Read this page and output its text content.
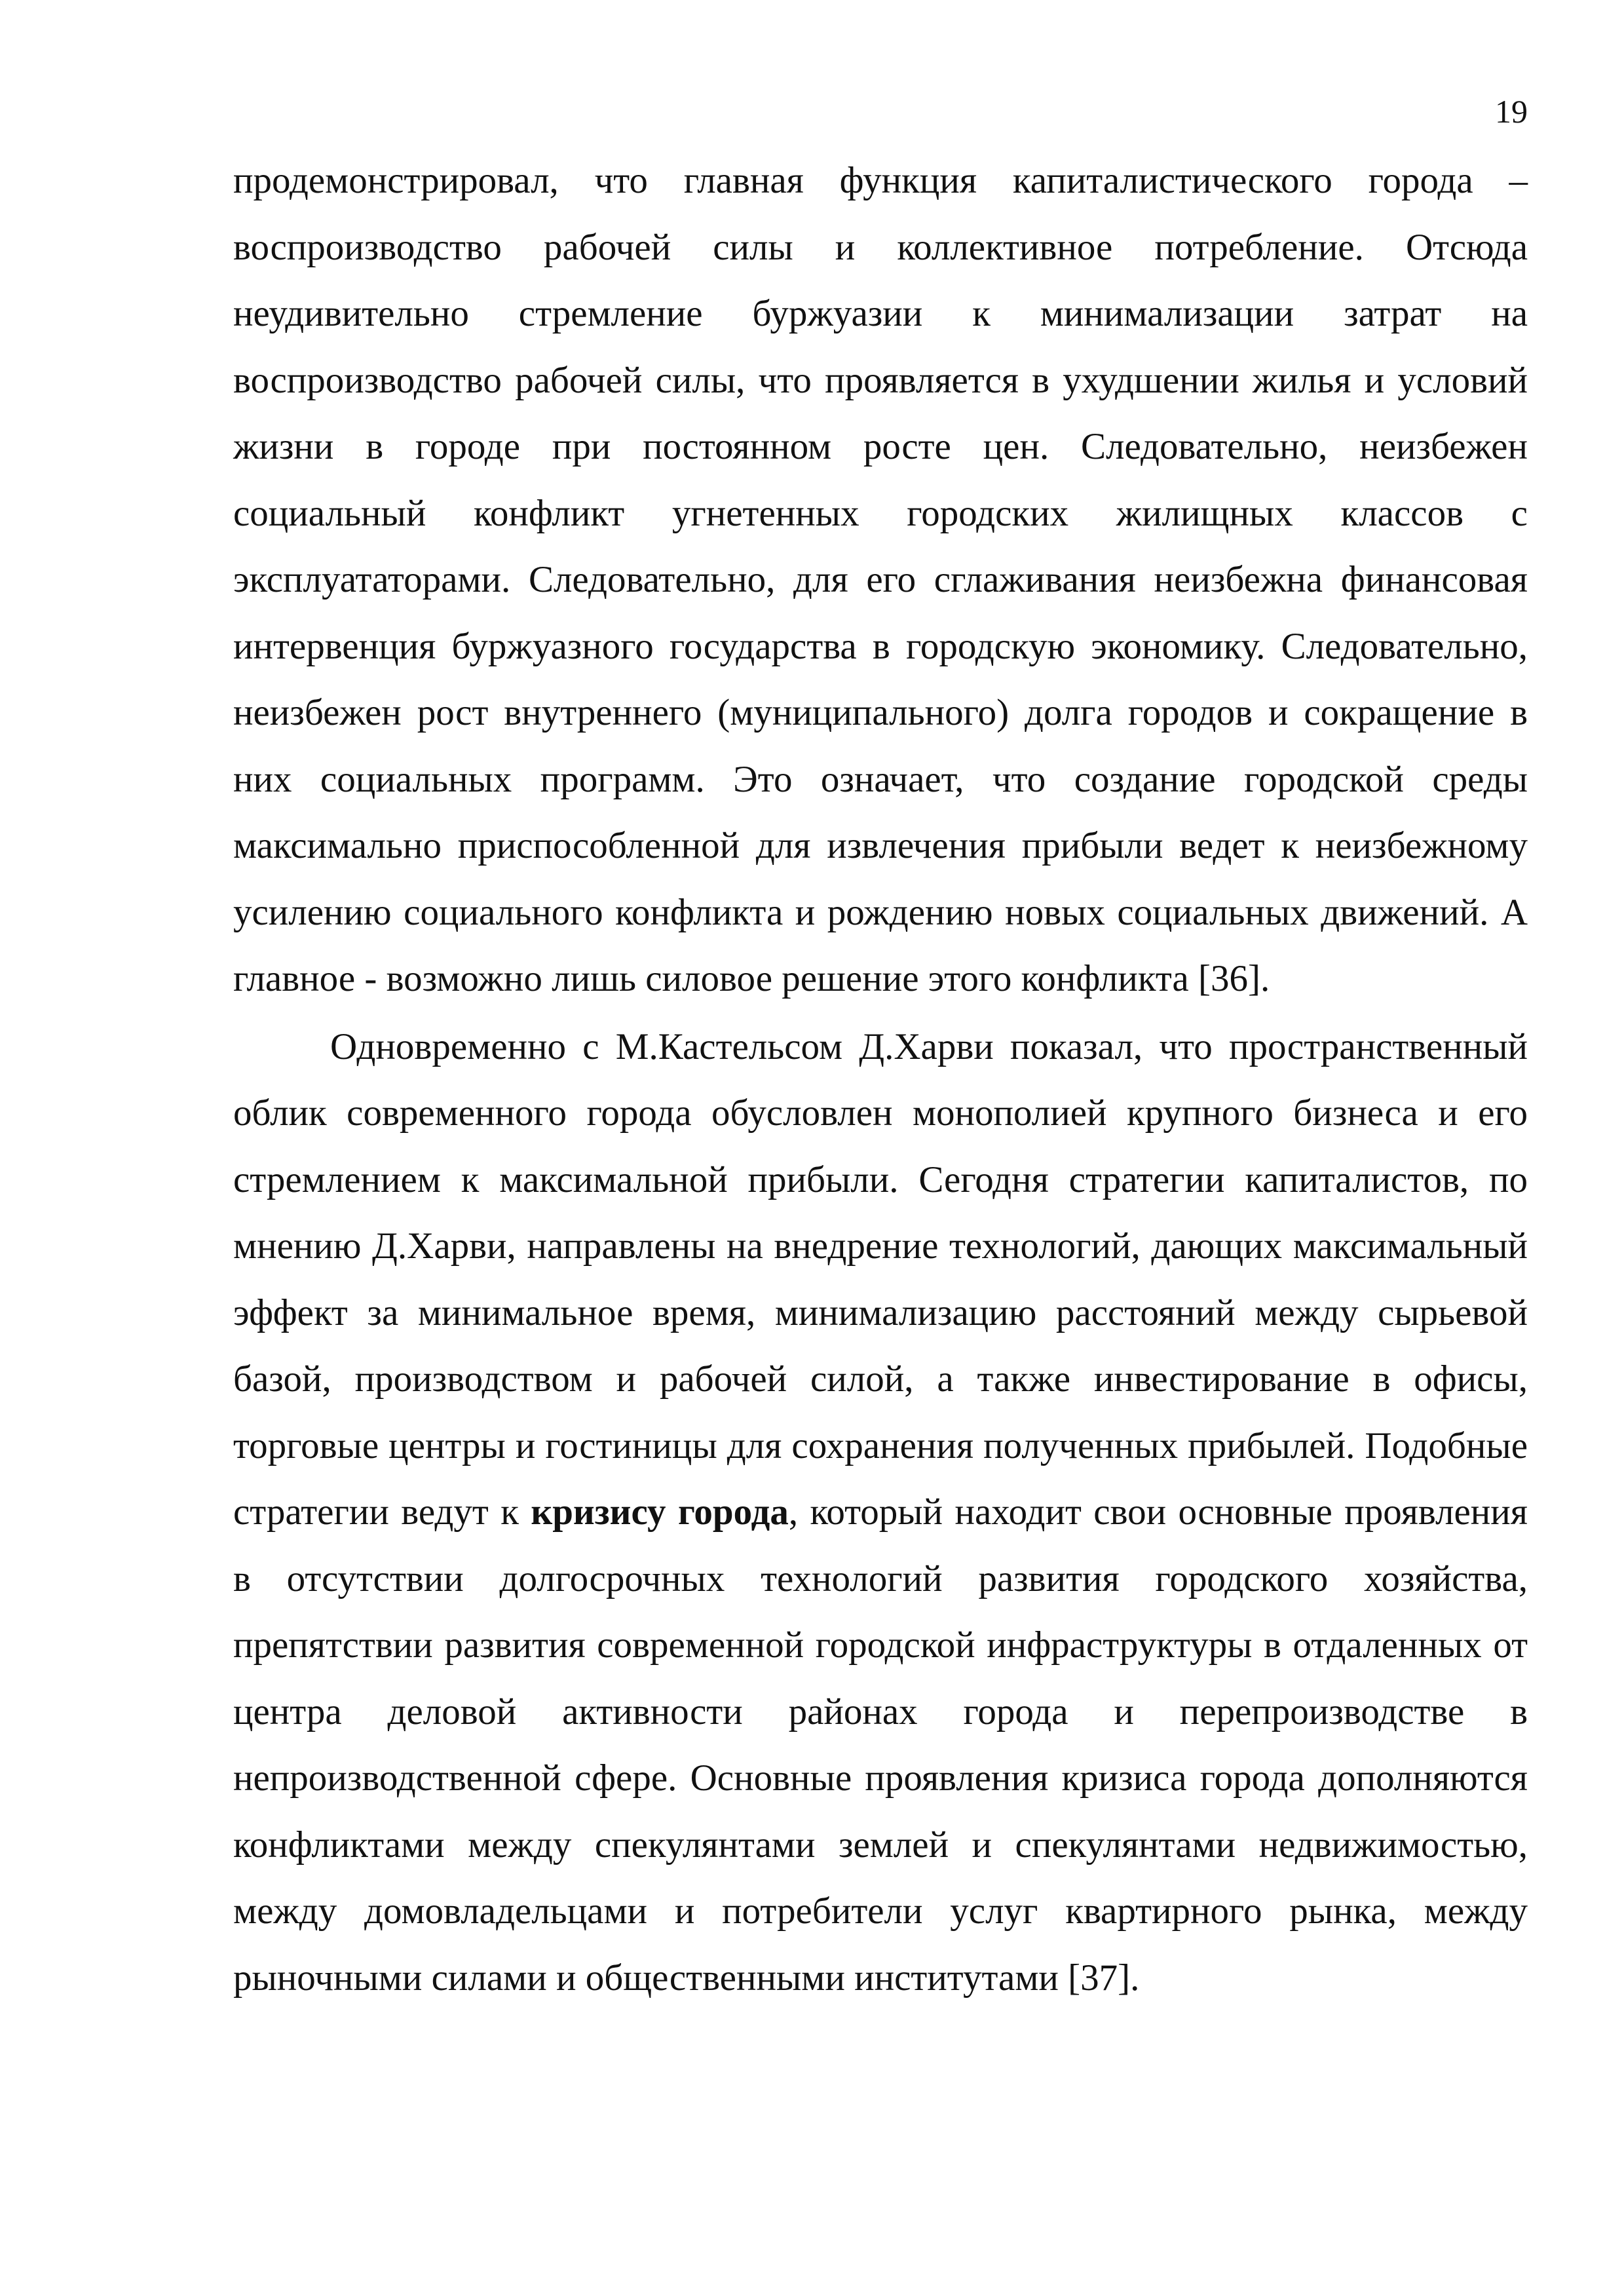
19

продемонстрировал, что главная функция капиталистического города – воспроизводство рабочей силы и коллективное потребление. Отсюда неудивительно стремление буржуазии к минимализации затрат на воспроизводство рабочей силы, что проявляется в ухудшении жилья и условий жизни в городе при постоянном росте цен. Следовательно, неизбежен социальный конфликт угнетенных городских жилищных классов с эксплуататорами. Следовательно, для его сглаживания неизбежна финансовая интервенция буржуазного государства в городскую экономику. Следовательно, неизбежен рост внутреннего (муниципального) долга городов и сокращение в них социальных программ. Это означает, что создание городской среды максимально приспособленной для извлечения прибыли ведет к неизбежному усилению социального конфликта и рождению новых социальных движений. А главное - возможно лишь силовое решение этого конфликта [36].

Одновременно с М.Кастельсом Д.Харви показал, что пространственный облик современного города обусловлен монополией крупного бизнеса и его стремлением к максимальной прибыли. Сегодня стратегии капиталистов, по мнению Д.Харви, направлены на внедрение технологий, дающих максимальный эффект за минимальное время, минимализацию расстояний между сырьевой базой, производством и рабочей силой, а также инвестирование в офисы, торговые центры и гостиницы для сохранения полученных прибылей. Подобные стратегии ведут к кризису города, который находит свои основные проявления в отсутствии долгосрочных технологий развития городского хозяйства, препятствии развития современной городской инфраструктуры в отдаленных от центра деловой активности районах города и перепроизводстве в непроизводственной сфере. Основные проявления кризиса города дополняются конфликтами между спекулянтами землей и спекулянтами недвижимостью, между домовладельцами и потребители услуг квартирного рынка, между рыночными силами и общественными институтами [37].
